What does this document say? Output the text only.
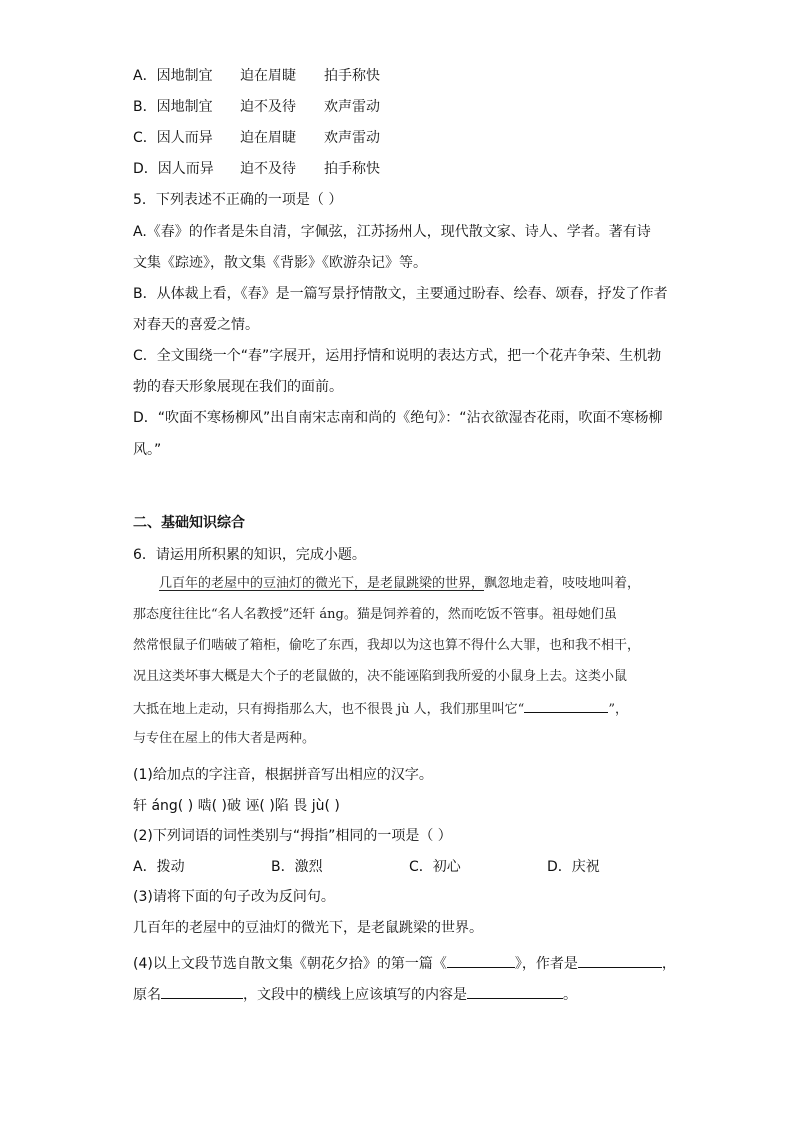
A．因地制宜 迫在眉睫 拍手称快
B．因地制宜 迫不及待 欢声雷动
C．因人而异 迫在眉睫 欢声雷动
D．因人而异 迫不及待 拍手称快
5．下列表述不正确的一项是（ ）
A.《春》的作者是朱自清，字佩弦，江苏扬州人，现代散文家、诗人、学者。著有诗
文集《踪迹》，散文集《背影》《欧游杂记》等。
B．从体裁上看，《春》是一篇写景抒情散文，主要通过盼春、绘春、颂春，抒发了作者
对春天的喜爱之情。
C．全文围绕一个“春”字展开，运用抒情和说明的表达方式，把一个花卉争荣、生机勃
勃的春天形象展现在我们的面前。
D．“吹面不寒杨柳风”出自南宋志南和尚的《绝句》：“沾衣欲湿杏花雨，吹面不寒杨柳
风。”
二、基础知识综合
6．请运用所积累的知识，完成小题。
几百年的老屋中的豆油灯的微光下，是老鼠跳梁的世界，飘忽地走着，吱吱地叫着，
那态度往往比“名人名教授”还轩 áng。猫是饲养着的，然而吃饭不管事。祖母她们虽
然常恨鼠子们啮破了箱柜，偷吃了东西，我却以为这也算不得什么大罪，也和我不相干，
况且这类坏事大概是大个子的老鼠做的，决不能诬陷到我所爱的小鼠身上去。这类小鼠
大抵在地上走动，只有拇指那么大，也不很畏 jù 人，我们那里叫它“	”，
与专住在屋上的伟大者是两种。
(1)给加点的字注音，根据拼音写出相应的汉字。
轩 áng( ) 啮( )破 诬( )陷 畏 jù( )
(2)下列词语的词性类别与“拇指”相同的一项是（ ）
A．拨动	B．激烈	C．初心	D．庆祝
(3)请将下面的句子改为反问句。
几百年的老屋中的豆油灯的微光下，是老鼠跳梁的世界。
(4)以上文段节选自散文集《朝花夕拾》的第一篇《	》，作者是	，
原名	，文段中的横线上应该填写的内容是	。
